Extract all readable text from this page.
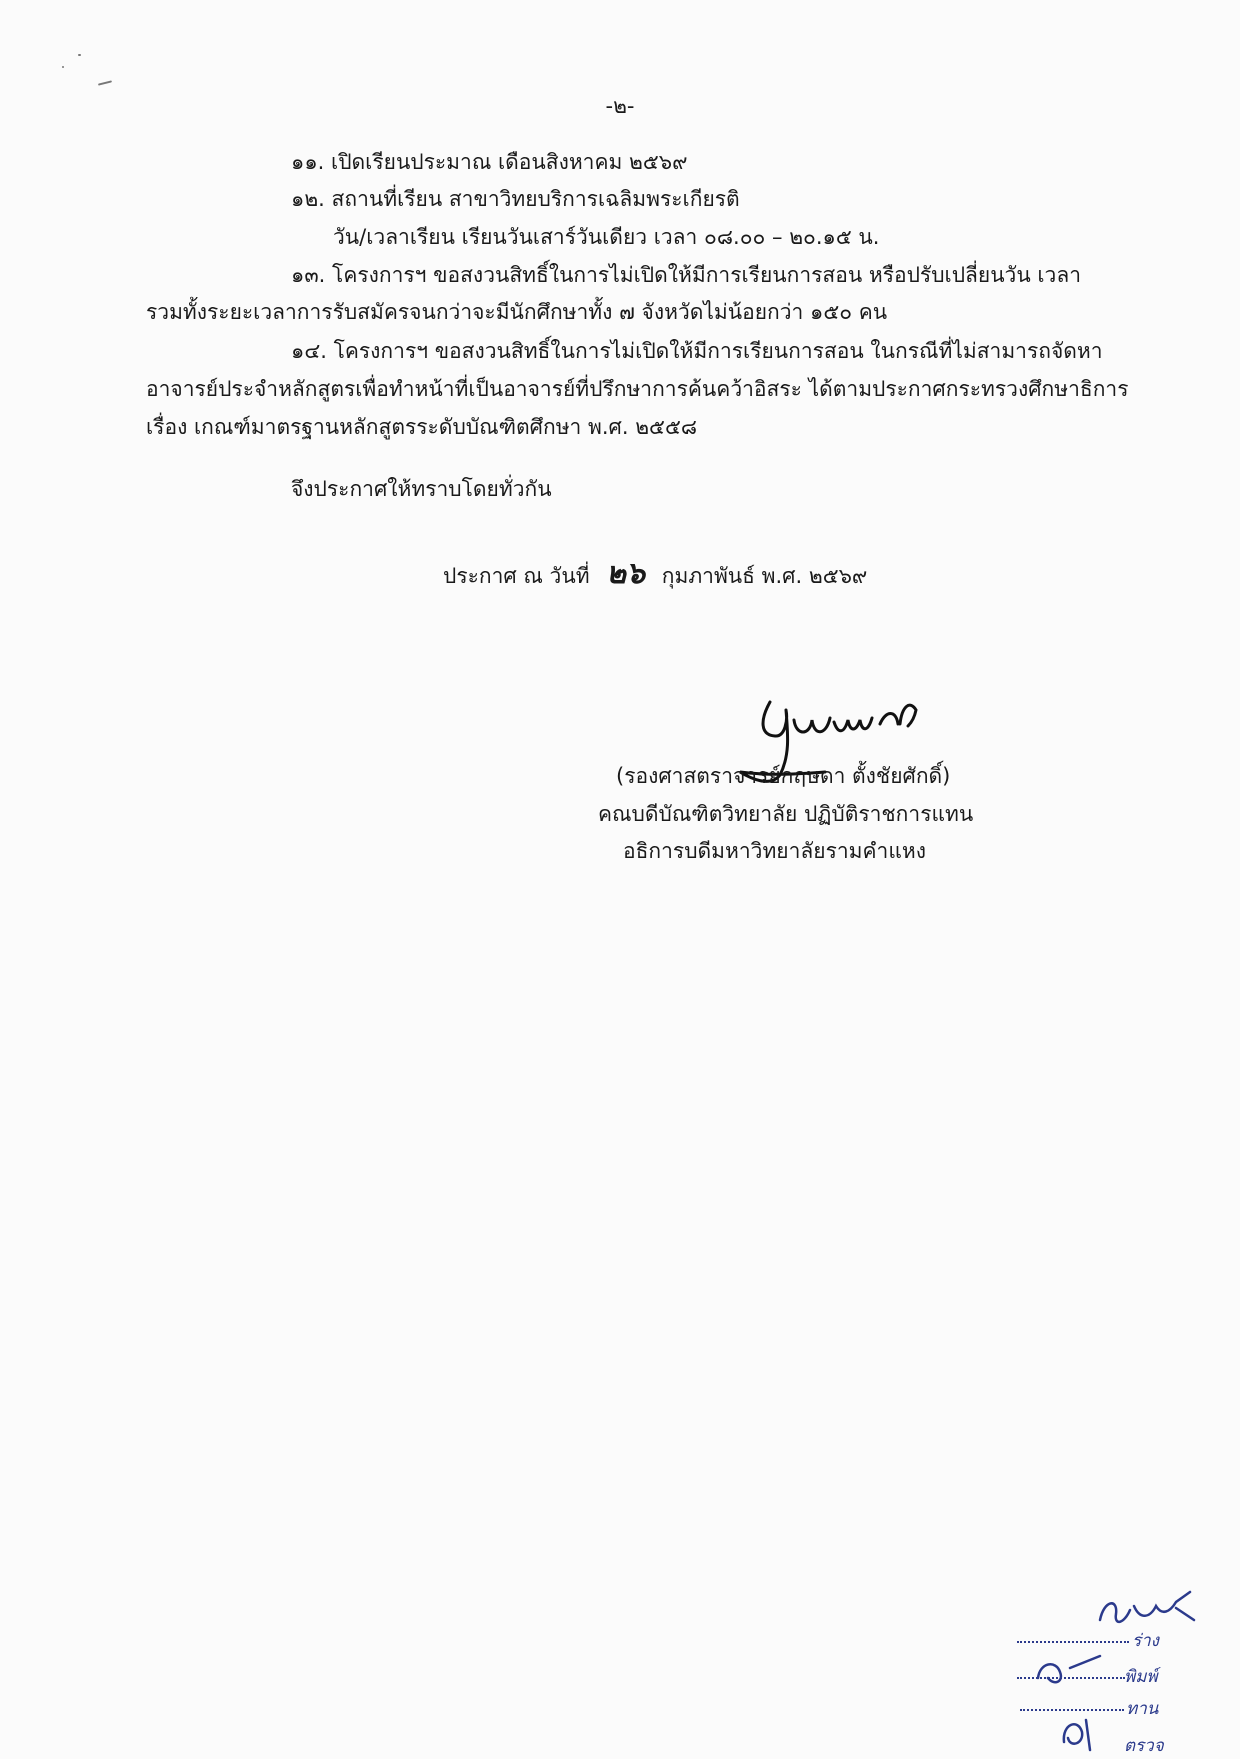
-๒-
๑๑. เปิดเรียนประมาณ เดือนสิงหาคม ๒๕๖๙
๑๒. สถานที่เรียน สาขาวิทยบริการเฉลิมพระเกียรติ
วัน/เวลาเรียน เรียนวันเสาร์วันเดียว เวลา ๐๘.๐๐ – ๒๐.๑๕ น.
๑๓. โครงการฯ ขอสงวนสิทธิ์ในการไม่เปิดให้มีการเรียนการสอน หรือปรับเปลี่ยนวัน เวลา
รวมทั้งระยะเวลาการรับสมัครจนกว่าจะมีนักศึกษาทั้ง ๗ จังหวัดไม่น้อยกว่า ๑๕๐ คน
๑๔. โครงการฯ ขอสงวนสิทธิ์ในการไม่เปิดให้มีการเรียนการสอน ในกรณีที่ไม่สามารถจัดหา
อาจารย์ประจำหลักสูตรเพื่อทำหน้าที่เป็นอาจารย์ที่ปรึกษาการค้นคว้าอิสระ ได้ตามประกาศกระทรวงศึกษาธิการ
เรื่อง เกณฑ์มาตรฐานหลักสูตรระดับบัณฑิตศึกษา พ.ศ. ๒๕๕๘
จึงประกาศให้ทราบโดยทั่วกัน
ประกาศ ณ วันที่ ๒๖ กุมภาพันธ์ พ.ศ. ๒๕๖๙
(รองศาสตราจารย์กฤษดา ตั้งชัยศักดิ์)
คณบดีบัณฑิตวิทยาลัย ปฏิบัติราชการแทน
อธิการบดีมหาวิทยาลัยรามคำแหง
ร่าง
พิมพ์
ทาน
ตรวจ
